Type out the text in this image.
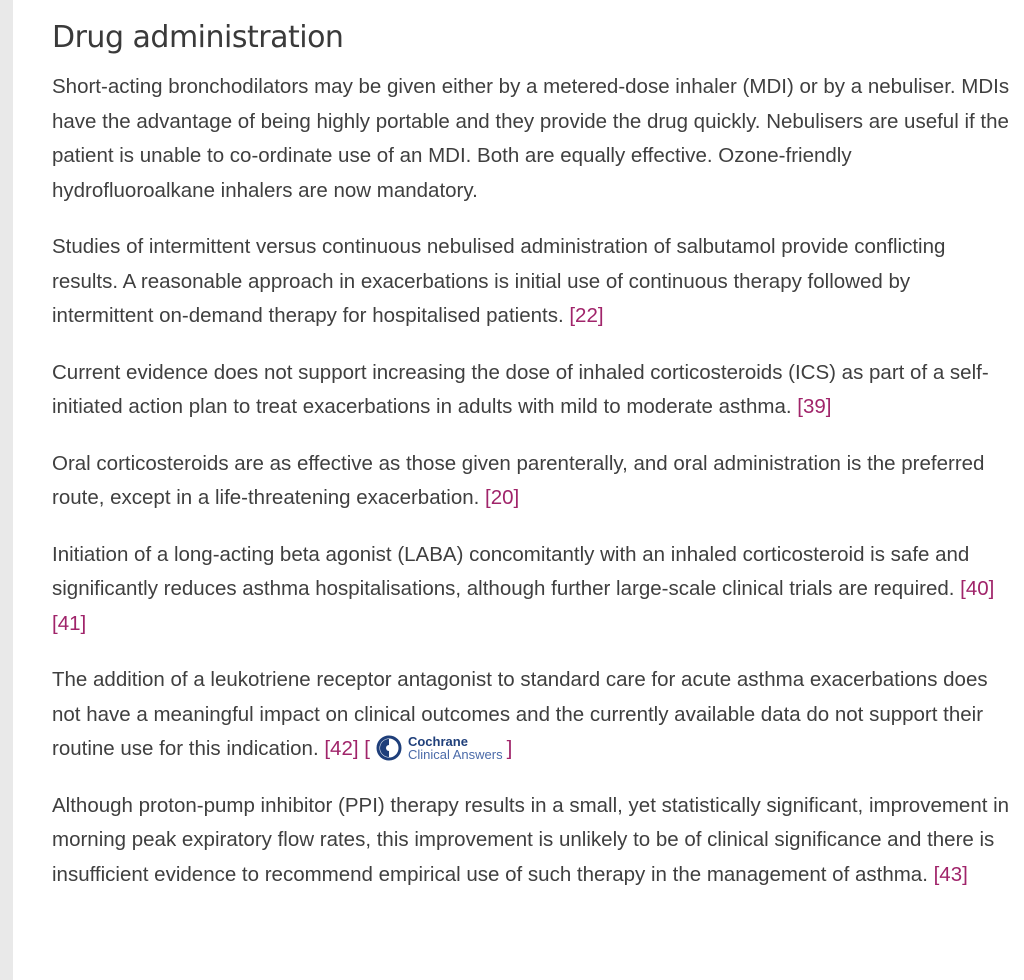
Drug administration

Short-acting bronchodilators may be given either by a metered-dose inhaler (MDI) or by a nebuliser. MDIs have the advantage of being highly portable and they provide the drug quickly. Nebulisers are useful if the patient is unable to co-ordinate use of an MDI. Both are equally effective. Ozone-friendly hydrofluoroalkane inhalers are now mandatory.

Studies of intermittent versus continuous nebulised administration of salbutamol provide conflicting results. A reasonable approach in exacerbations is initial use of continuous therapy followed by intermittent on-demand therapy for hospitalised patients. [22]

Current evidence does not support increasing the dose of inhaled corticosteroids (ICS) as part of a self-initiated action plan to treat exacerbations in adults with mild to moderate asthma. [39]

Oral corticosteroids are as effective as those given parenterally, and oral administration is the preferred route, except in a life-threatening exacerbation. [20]

Initiation of a long-acting beta agonist (LABA) concomitantly with an inhaled corticosteroid is safe and significantly reduces asthma hospitalisations, although further large-scale clinical trials are required. [40] [41]

The addition of a leukotriene receptor antagonist to standard care for acute asthma exacerbations does not have a meaningful impact on clinical outcomes and the currently available data do not support their routine use for this indication. [42] [	Cochrane
Clinical Answers ]

Although proton-pump inhibitor (PPI) therapy results in a small, yet statistically significant, improvement in morning peak expiratory flow rates, this improvement is unlikely to be of clinical significance and there is insufficient evidence to recommend empirical use of such therapy in the management of asthma. [43]
